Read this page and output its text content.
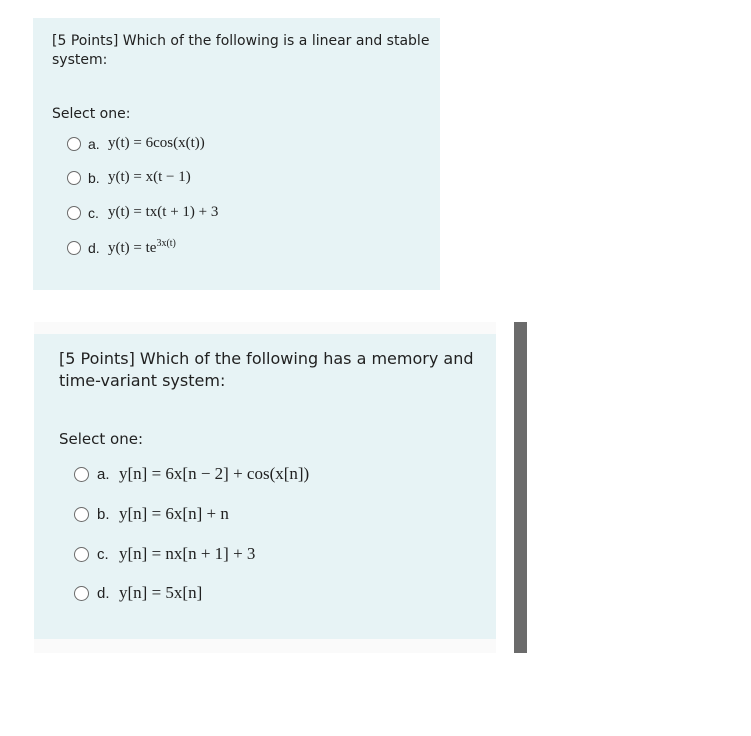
[5 Points] Which of the following is a linear and stable system:
Select one:
a. y(t) = 6cos(x(t))
b. y(t) = x(t − 1)
c. y(t) = tx(t + 1) + 3
d. $y(t) = te^{3x(t)}$
[5 Points] Which of the following has a memory and time-variant system:
Select one:
a. y[n] = 6x[n − 2] + cos(x[n])
b. y[n] = 6x[n] + n
c. y[n] = nx[n + 1] + 3
d. y[n] = 5x[n]
